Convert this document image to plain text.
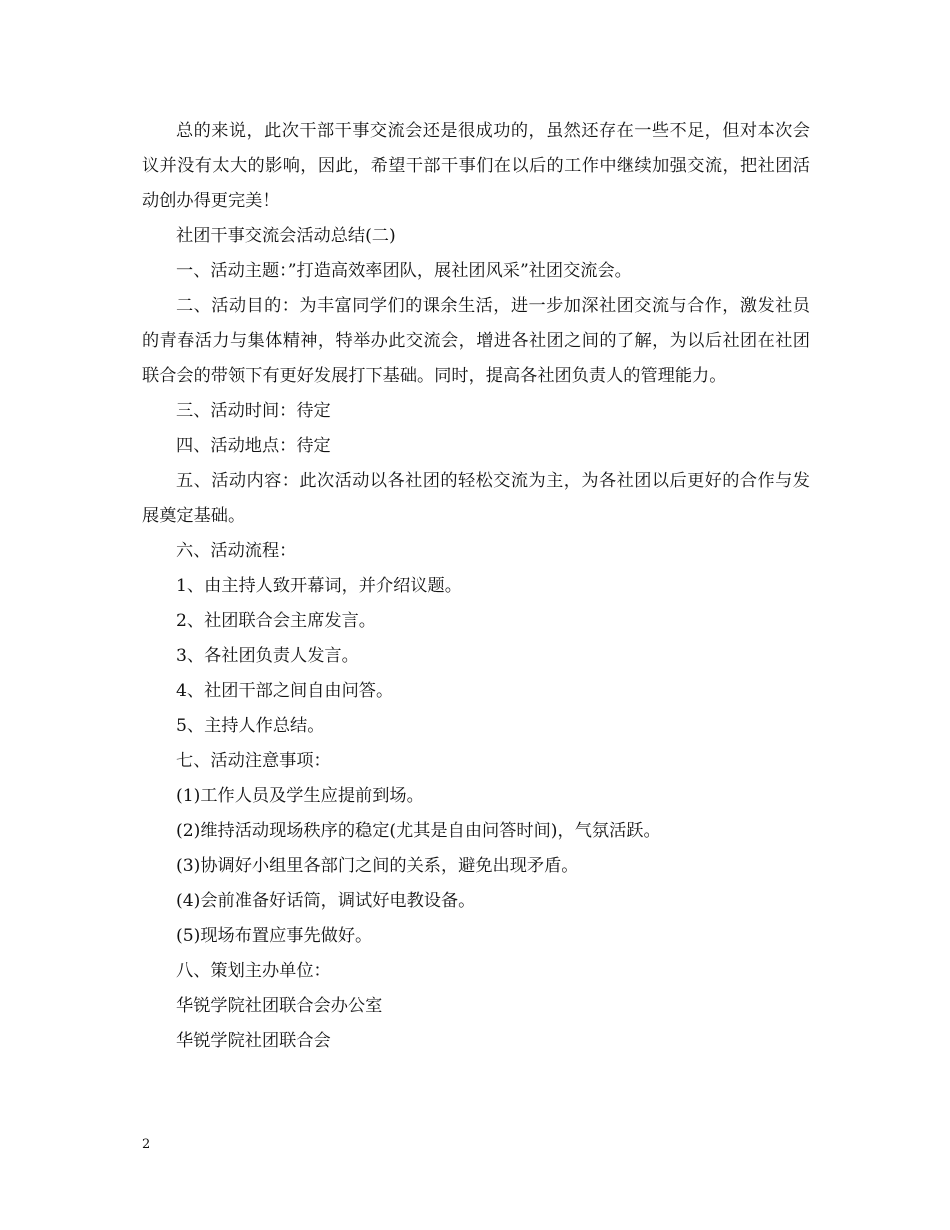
总的来说，此次干部干事交流会还是很成功的，虽然还存在一些不足，但对本次会议并没有太大的影响，因此，希望干部干事们在以后的工作中继续加强交流，把社团活动创办得更完美！

社团干事交流会活动总结(二)

一、活动主题：”打造高效率团队，展社团风采”社团交流会。

二、活动目的：为丰富同学们的课余生活，进一步加深社团交流与合作，激发社员的青春活力与集体精神，特举办此交流会，增进各社团之间的了解，为以后社团在社团联合会的带领下有更好发展打下基础。同时，提高各社团负责人的管理能力。

三、活动时间：待定

四、活动地点：待定

五、活动内容：此次活动以各社团的轻松交流为主，为各社团以后更好的合作与发展奠定基础。

六、活动流程：

1、由主持人致开幕词，并介绍议题。

2、社团联合会主席发言。

3、各社团负责人发言。

4、社团干部之间自由问答。

5、主持人作总结。

七、活动注意事项：

(1)工作人员及学生应提前到场。

(2)维持活动现场秩序的稳定(尤其是自由问答时间)，气氛活跃。

(3)协调好小组里各部门之间的关系，避免出现矛盾。

(4)会前准备好话筒，调试好电教设备。

(5)现场布置应事先做好。

八、策划主办单位：

华锐学院社团联合会办公室

华锐学院社团联合会

2
